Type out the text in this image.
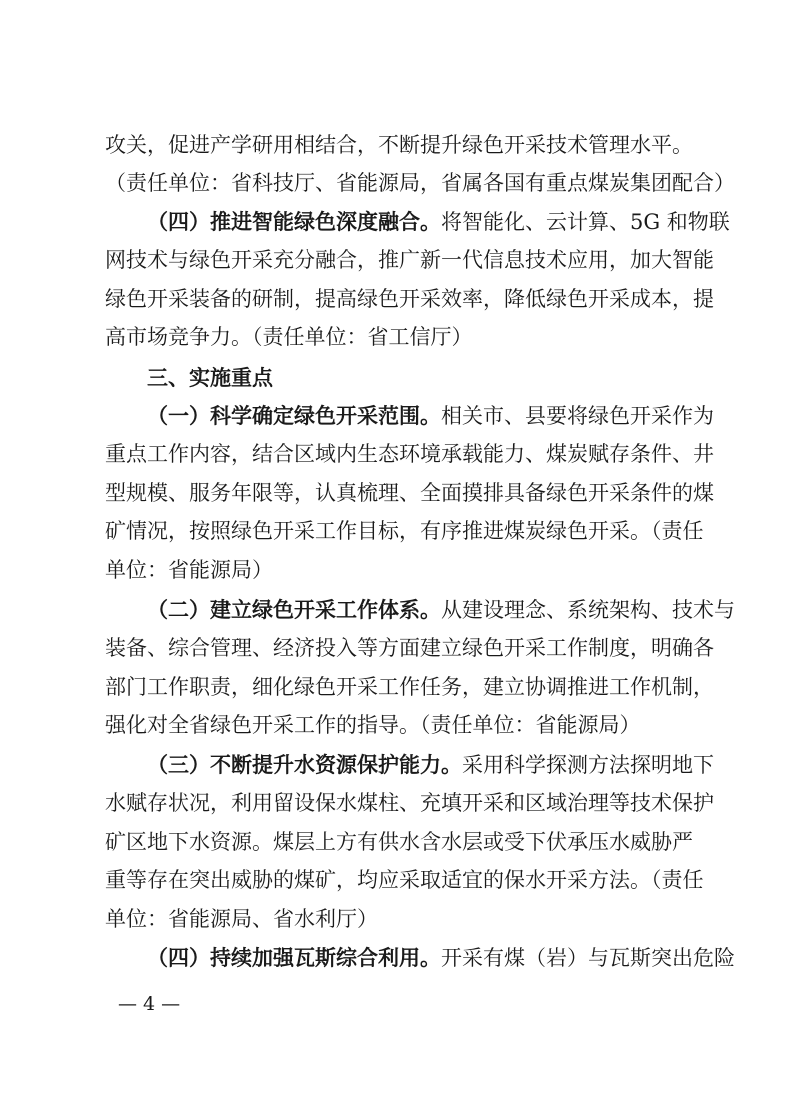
攻关，促进产学研用相结合，不断提升绿色开采技术管理水平。
（责任单位：省科技厅、省能源局，省属各国有重点煤炭集团配合）
（四）推进智能绿色深度融合。将智能化、云计算、5G 和物联
网技术与绿色开采充分融合，推广新一代信息技术应用，加大智能
绿色开采装备的研制，提高绿色开采效率，降低绿色开采成本，提
高市场竞争力。（责任单位：省工信厅）
三、实施重点
（一）科学确定绿色开采范围。相关市、县要将绿色开采作为
重点工作内容，结合区域内生态环境承载能力、煤炭赋存条件、井
型规模、服务年限等，认真梳理、全面摸排具备绿色开采条件的煤
矿情况，按照绿色开采工作目标，有序推进煤炭绿色开采。（责任
单位：省能源局）
（二）建立绿色开采工作体系。从建设理念、系统架构、技术与
装备、综合管理、经济投入等方面建立绿色开采工作制度，明确各
部门工作职责，细化绿色开采工作任务，建立协调推进工作机制，
强化对全省绿色开采工作的指导。（责任单位：省能源局）
（三）不断提升水资源保护能力。采用科学探测方法探明地下
水赋存状况，利用留设保水煤柱、充填开采和区域治理等技术保护
矿区地下水资源。煤层上方有供水含水层或受下伏承压水威胁严
重等存在突出威胁的煤矿，均应采取适宜的保水开采方法。（责任
单位：省能源局、省水利厅）
（四）持续加强瓦斯综合利用。开采有煤（岩）与瓦斯突出危险
— 4 —
